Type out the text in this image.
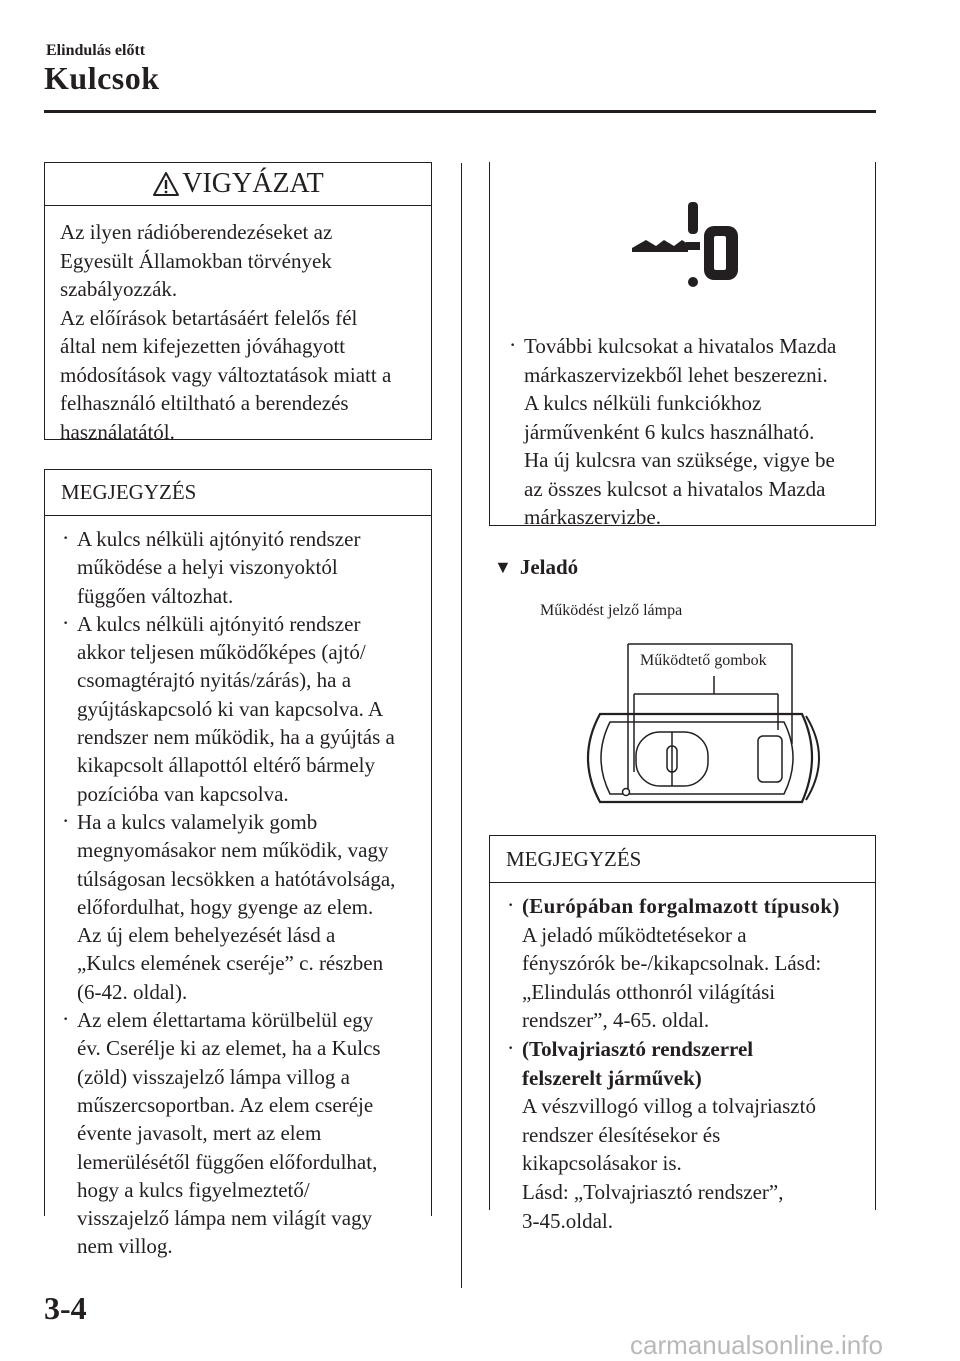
Elindulás előtt
Kulcsok
VIGYÁZAT
Az ilyen rádióberendezéseket az
Egyesült Államokban törvények
szabályozzák.
Az előírások betartásáért felelős fél
által nem kifejezetten jóváhagyott
módosítások vagy változtatások miatt a
felhasználó eltiltható a berendezés
használatától.
MEGJEGYZÉS
· A kulcs nélküli ajtónyitó rendszer
működése a helyi viszonyoktól
függően változhat.
· A kulcs nélküli ajtónyitó rendszer
akkor teljesen működőképes (ajtó/
csomagtérajtó nyitás/zárás), ha a
gyújtáskapcsoló ki van kapcsolva. A
rendszer nem működik, ha a gyújtás a
kikapcsolt állapottól eltérő bármely
pozícióba van kapcsolva.
· Ha a kulcs valamelyik gomb
megnyomásakor nem működik, vagy
túlságosan lecsökken a hatótávolsága,
előfordulhat, hogy gyenge az elem.
Az új elem behelyezését lásd a
„Kulcs elemének cseréje” c. részben
(6-42. oldal).
· Az elem élettartama körülbelül egy
év. Cserélje ki az elemet, ha a Kulcs
(zöld) visszajelző lámpa villog a
műszercsoportban. Az elem cseréje
évente javasolt, mert az elem
lemerülésétől függően előfordulhat,
hogy a kulcs figyelmeztető/
visszajelző lámpa nem világít vagy
nem villog.
· További kulcsokat a hivatalos Mazda
márkaszervizekből lehet beszerezni.
A kulcs nélküli funkciókhoz
járművenként 6 kulcs használható.
Ha új kulcsra van szüksége, vigye be
az összes kulcsot a hivatalos Mazda
márkaszervizbe.
▼ Jeladó
Működést jelző lámpa
Működtető gombok
MEGJEGYZÉS
· (Európában forgalmazott típusok)
A jeladó működtetésekor a
fényszórók be-/kikapcsolnak. Lásd:
„Elindulás otthonról világítási
rendszer”, 4-65. oldal.
· (Tolvajriasztó rendszerrel
felszerelt járművek)
A vészvillogó villog a tolvajriasztó
rendszer élesítésekor és
kikapcsolásakor is.
Lásd: „Tolvajriasztó rendszer”,
3-45.oldal.
3-4
carmanualsonline.info
